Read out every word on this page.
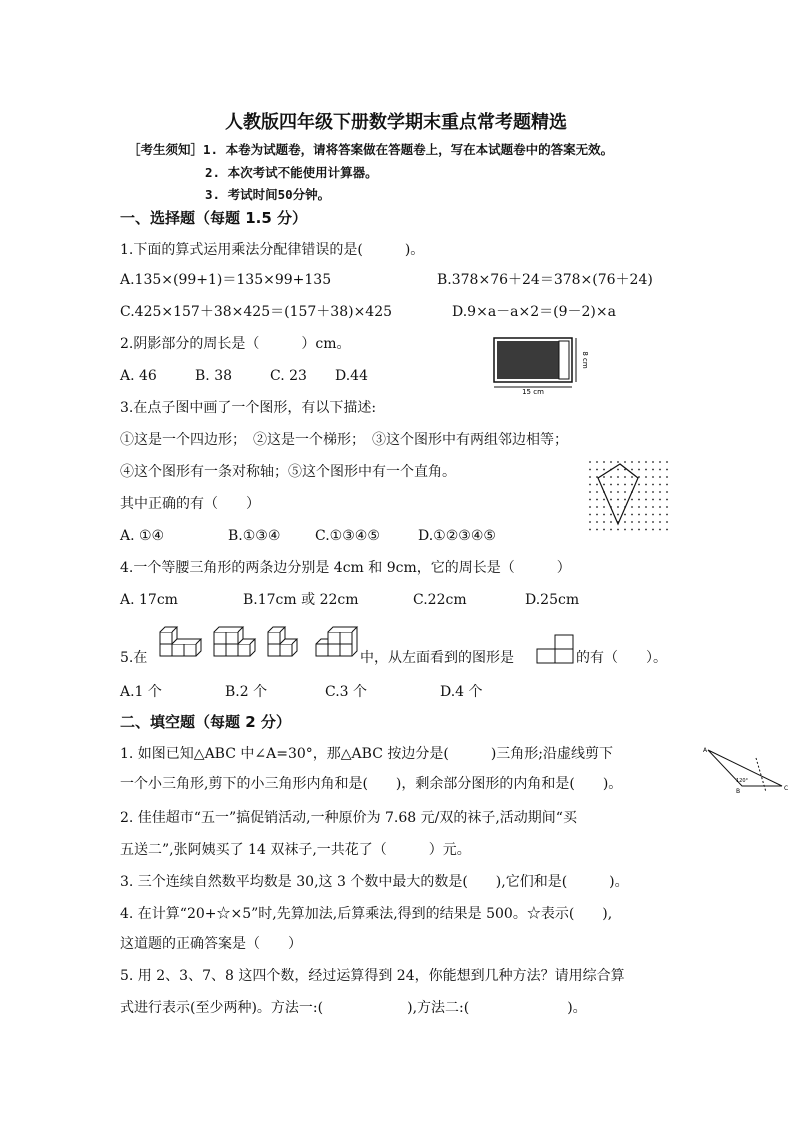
人教版四年级下册数学期末重点常考题精选
［考生须知］1. 本卷为试题卷，请将答案做在答题卷上，写在本试题卷中的答案无效。
2. 本次考试不能使用计算器。
3. 考试时间50分钟。
一、选择题（每题 1.5 分）
1.下面的算式运用乘法分配律错误的是(　　　)。
A.135×(99+1)＝135×99+135	B.378×76＋24＝378×(76＋24)
C.425×157＋38×425＝(157＋38)×425	D.9×a－a×2＝(9－2)×a
2.阴影部分的周长是（　　　）cm。
A. 46	B. 38	C. 23 D.44
15 cm
8 cm
3.在点子图中画了一个图形，有以下描述:
①这是一个四边形；　②这是一个梯形；　③这个图形中有两组邻边相等；
④这个图形有一条对称轴；⑤这个图形中有一个直角。
其中正确的有（　　）
A. ①④	B.①③④ C.①③④⑤	D.①②③④⑤
4.一个等腰三角形的两条边分别是 4cm 和 9cm，它的周长是（　　　）
A. 17cm	B.17cm 或 22cm	C.22cm	D.25cm
5.在	中，从左面看到的图形是	的有（　　）。
A.1 个	B.2 个	C.3 个	D.4 个
二、填空题（每题 2 分）
1. 如图已知△ABC 中∠A=30°，那△ABC 按边分是(　　　)三角形;沿虚线剪下
一个小三角形,剪下的小三角形内角和是(　　)，剩余部分图形的内角和是(　　)。
A
B	C
120°
2. 佳佳超市“五一”搞促销活动,一种原价为 7.68 元/双的袜子,活动期间“买
五送二”,张阿姨买了 14 双袜子,一共花了（　　　）元。
3. 三个连续自然数平均数是 30,这 3 个数中最大的数是(　　),它们和是(　　　)。
4. 在计算“20+☆×5”时,先算加法,后算乘法,得到的结果是 500。☆表示(　　),
这道题的正确答案是（　　）
5. 用 2、3、7、8 这四个数，经过运算得到 24，你能想到几种方法？请用综合算
式进行表示(至少两种)。方法一:(　　　　　　),方法二:(　　　　　　　)。
